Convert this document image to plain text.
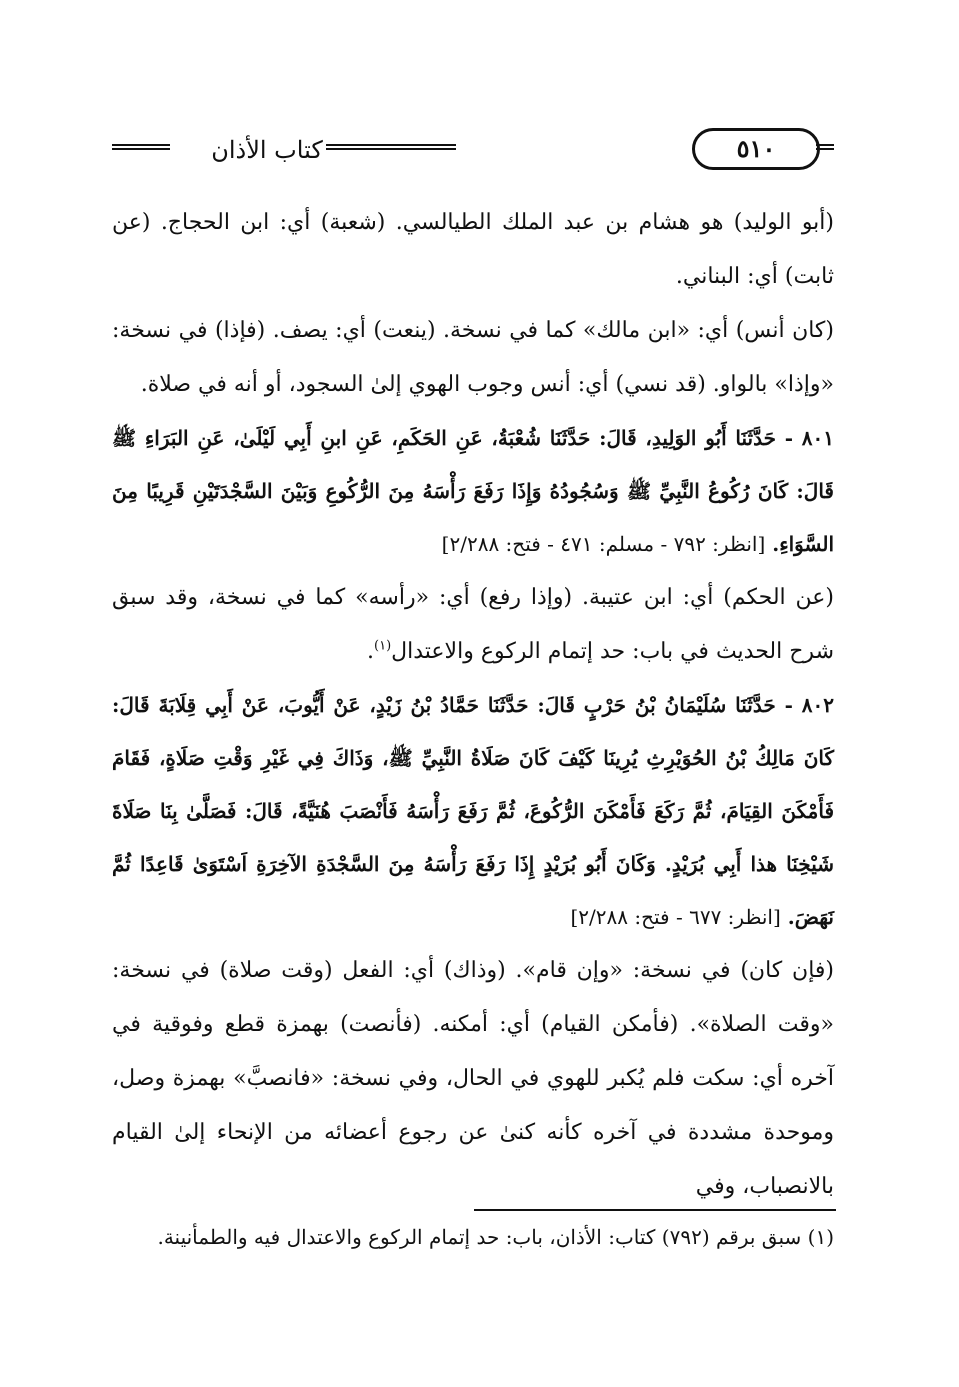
كتاب الأذان	٥١٠

(أبو الوليد) هو هشام بن عبد الملك الطيالسي. (شعبة) أي: ابن الحجاج. (عن ثابت) أي: البناني.

(كان أنس) أي: «ابن مالك» كما في نسخة. (ينعت) أي: يصف. (فإذا) في نسخة: «وإذا» بالواو. (قد نسي) أي: أنس وجوب الهوي إلىٰ السجود، أو أنه في صلاة.

٨٠١ - حَدَّثَنَا أَبُو الوَلِيدِ، قَالَ: حَدَّثَنَا شُعْبَةُ، عَنِ الحَكَمِ، عَنِ ابنِ أَبِي لَيْلَىٰ، عَنِ البَرَاءِ ﷺ قَالَ: كَانَ رُكُوعُ النَّبِيِّ ﷺ وَسُجُودُهُ وَإِذَا رَفَعَ رَأْسَهُ مِنَ الرُّكُوعِ وَبَيْنَ السَّجْدَتَيْنِ قَرِيبًا مِنَ السَّوَاءِ. [انظر: ٧٩٢ - مسلم: ٤٧١ - فتح: ٢/٢٨٨]

(عن الحكم) أي: ابن عتيبة. (وإذا رفع) أي: «رأسه» كما في نسخة، وقد سبق شرح الحديث في باب: حد إتمام الركوع والاعتدال$^{(١)}$.

٨٠٢ - حَدَّثَنَا سُلَيْمَانُ بْنُ حَرْبٍ قَالَ: حَدَّثَنَا حَمَّادُ بْنُ زَيْدٍ، عَنْ أَيُّوبَ، عَنْ أَبِي قِلَابَةَ قَالَ: كَانَ مَالِكُ بْنُ الحُوَيْرِثِ يُرِينَا كَيْفَ كَانَ صَلَاةُ النَّبِيِّ ﷺ، وَذَاكَ فِي غَيْرِ وَقْتِ صَلَاةٍ، فَقَامَ فَأَمْكَنَ القِيَامَ، ثُمَّ رَكَعَ فَأَمْكَنَ الرُّكُوعَ، ثُمَّ رَفَعَ رَأْسَهُ فَأَنْصَبَ هُنَيَّةً، قَالَ: فَصَلَّىٰ بِنَا صَلَاةَ شَيْخِنَا هذا أَبِي بُرَيْدٍ. وَكَانَ أَبُو بُرَيْدٍ إِذَا رَفَعَ رَأْسَهُ مِنَ السَّجْدَةِ الآخِرَةِ اَسْتَوَىٰ قَاعِدًا ثُمَّ نَهَضَ. [انظر: ٦٧٧ - فتح: ٢/٢٨٨]

(فإن كان) في نسخة: «وإن قام». (وذاك) أي: الفعل (وقت صلاة) في نسخة: «وقت الصلاة». (فأمكن القيام) أي: أمكنه. (فأنصت) بهمزة قطع وفوقية في آخره أي: سكت فلم يُكبر للهوي في الحال، وفي نسخة: «فانصبَّ» بهمزة وصل، وموحدة مشددة في آخره كأنه كنىٰ عن رجوع أعضائه من الإنحاء إلىٰ القيام بالانصباب، وفي

(١) سبق برقم (٧٩٢) كتاب: الأذان، باب: حد إتمام الركوع والاعتدال فيه والطمأنينة.
